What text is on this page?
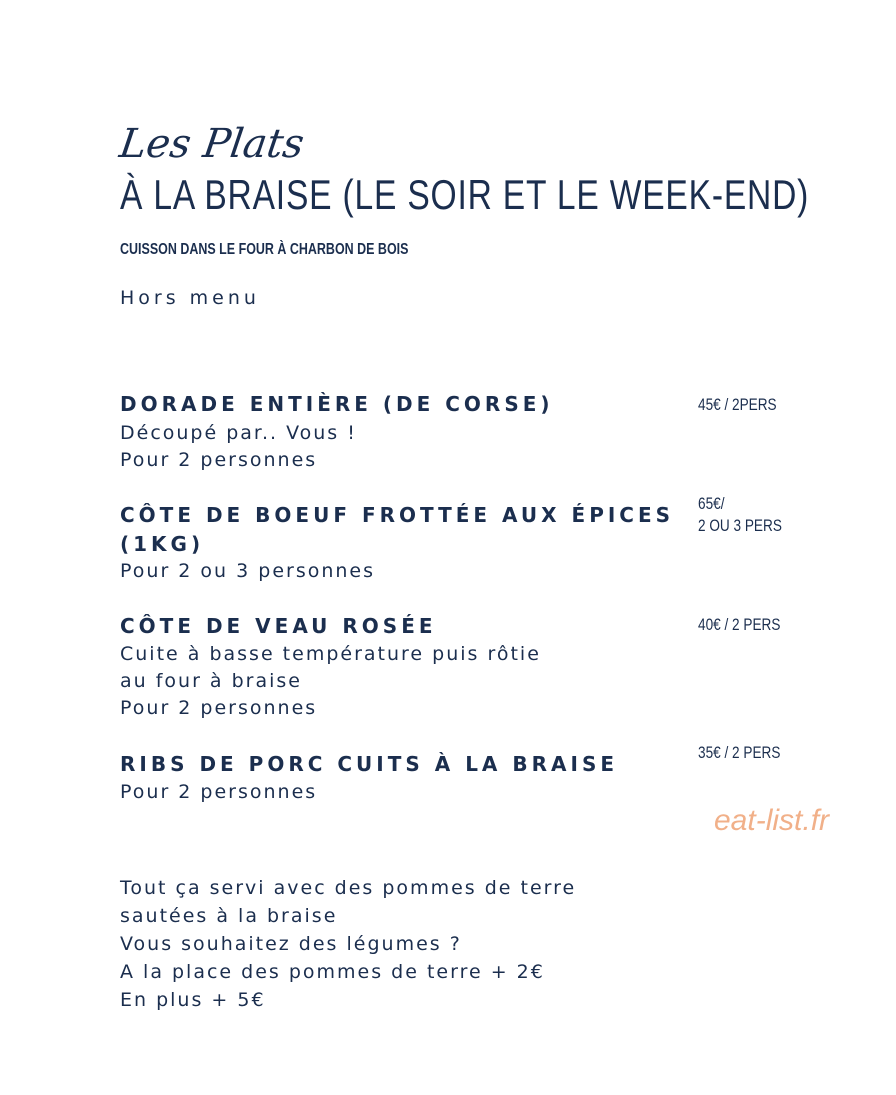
Les Plats
À LA BRAISE (LE SOIR ET LE WEEK-END)
CUISSON DANS LE FOUR À CHARBON DE BOIS
Hors menu
DORADE ENTIÈRE (DE CORSE)
Découpé par.. Vous !
Pour 2 personnes
45€ / 2PERS
CÔTE DE BOEUF FROTTÉE AUX ÉPICES
(1KG)
Pour 2 ou 3 personnes
65€/
2 OU 3 PERS
CÔTE DE VEAU ROSÉE
Cuite à basse température puis rôtie
au four à braise
Pour 2 personnes
40€ / 2 PERS
RIBS DE PORC CUITS À LA BRAISE
Pour 2 personnes
35€ / 2 PERS
eat-list.fr
Tout ça servi avec des pommes de terre
sautées à la braise
Vous souhaitez des légumes ?
A la place des pommes de terre + 2€
En plus + 5€
